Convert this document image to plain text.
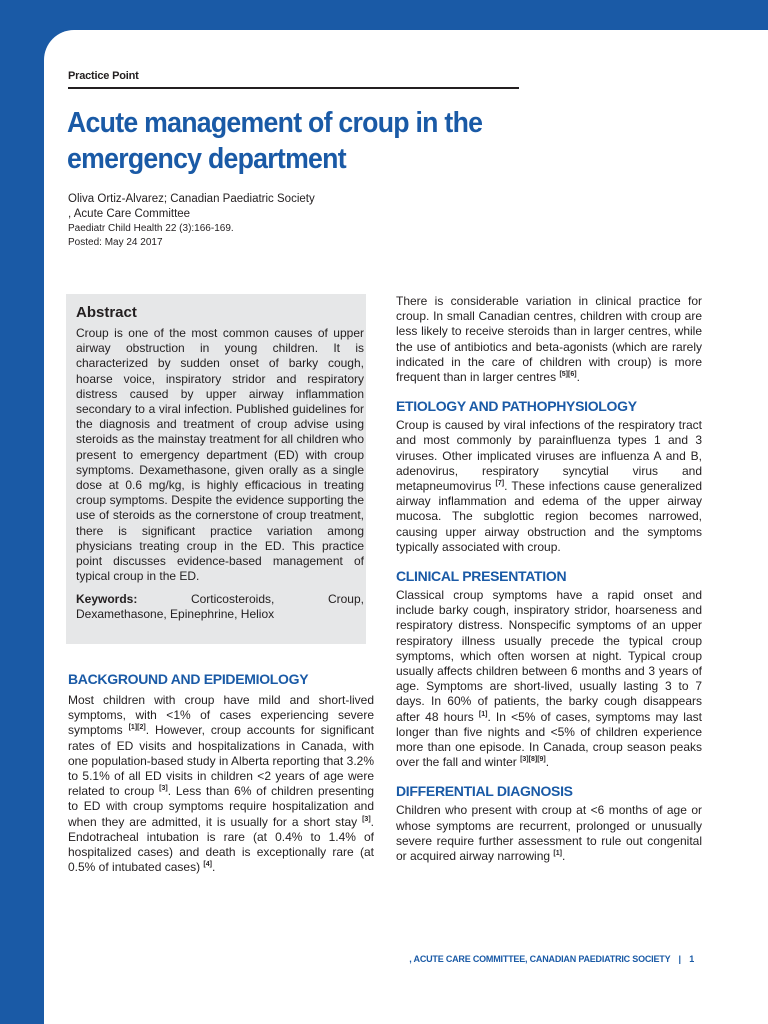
Practice Point
Acute management of croup in the
emergency department
Oliva Ortiz-Alvarez; Canadian Paediatric Society
, Acute Care Committee
Paediatr Child Health 22 (3):166-169.
Posted: May 24 2017
Abstract
Croup is one of the most common causes of upper airway obstruction in young children. It is characterized by sudden onset of barky cough, hoarse voice, inspiratory stridor and respiratory distress caused by upper airway inflammation secondary to a viral infection. Published guidelines for the diagnosis and treatment of croup advise using steroids as the mainstay treatment for all children who present to emergency department (ED) with croup symptoms. Dexamethasone, given orally as a single dose at 0.6 mg/kg, is highly efficacious in treating croup symptoms. Despite the evidence supporting the use of steroids as the cornerstone of croup treatment, there is significant practice variation among physicians treating croup in the ED. This practice point discusses evidence-based management of typical croup in the ED.
Keywords:	Corticosteroids,	Croup,
Dexamethasone, Epinephrine, Heliox
BACKGROUND AND EPIDEMIOLOGY

Most children with croup have mild and short-lived symptoms, with <1% of cases experiencing severe symptoms [1][2]. However, croup accounts for significant rates of ED visits and hospitalizations in Canada, with one population-based study in Alberta reporting that 3.2% to 5.1% of all ED visits in children <2 years of age were related to croup [3]. Less than 6% of children presenting to ED with croup symptoms require hospitalization and when they are admitted, it is usually for a short stay [3]. Endotracheal intubation is rare (at 0.4% to 1.4% of hospitalized cases) and death is exceptionally rare (at 0.5% of intubated cases) [4].

There is considerable variation in clinical practice for croup. In small Canadian centres, children with croup are less likely to receive steroids than in larger centres, while the use of antibiotics and beta-agonists (which are rarely indicated in the care of children with croup) is more frequent than in larger centres [5][6].

ETIOLOGY AND PATHOPHYSIOLOGY

Croup is caused by viral infections of the respiratory tract and most commonly by parainfluenza types 1 and 3 viruses. Other implicated viruses are influenza A and B, adenovirus, respiratory syncytial virus and metapneumovirus [7]. These infections cause generalized airway inflammation and edema of the upper airway mucosa. The subglottic region becomes narrowed, causing upper airway obstruction and the symptoms typically associated with croup.

CLINICAL PRESENTATION

Classical croup symptoms have a rapid onset and include barky cough, inspiratory stridor, hoarseness and respiratory distress. Nonspecific symptoms of an upper respiratory illness usually precede the typical croup symptoms, which often worsen at night. Typical croup usually affects children between 6 months and 3 years of age. Symptoms are short-lived, usually lasting 3 to 7 days. In 60% of patients, the barky cough disappears after 48 hours [1]. In <5% of cases, symptoms may last longer than five nights and <5% of children experience more than one episode. In Canada, croup season peaks over the fall and winter [3][8][9].

DIFFERENTIAL DIAGNOSIS

Children who present with croup at <6 months of age or whose symptoms are recurrent, prolonged or unusually severe require further assessment to rule out congenital or acquired airway narrowing [1].

, ACUTE CARE COMMITTEE, CANADIAN PAEDIATRIC SOCIETY | 1
Canadian
Paediatric
Society
